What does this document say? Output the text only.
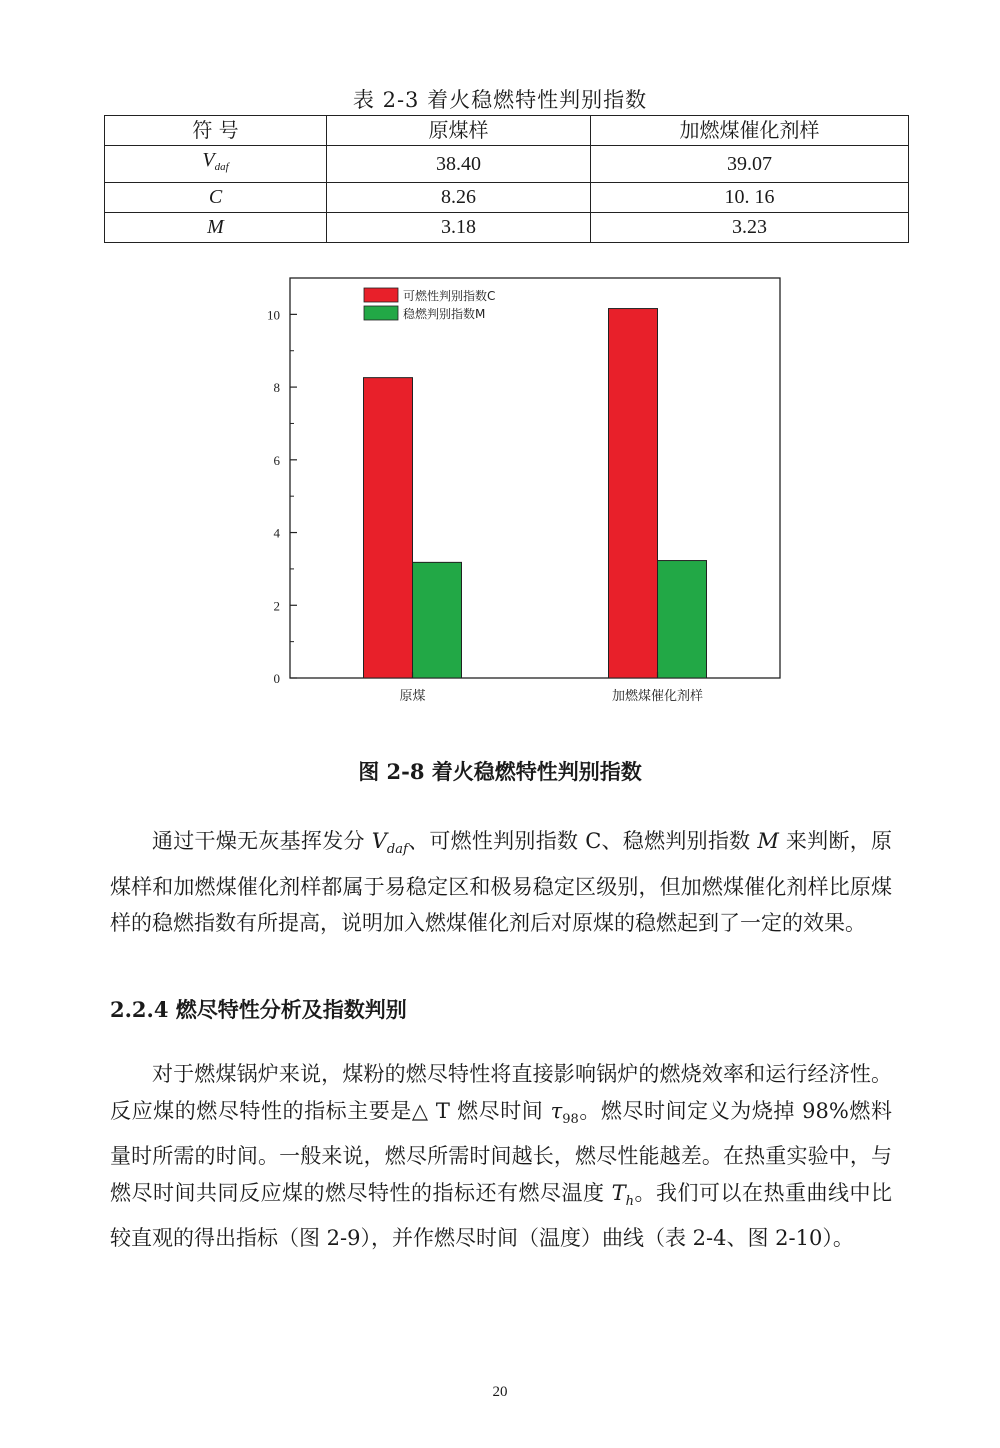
表 2-3 着火稳燃特性判别指数
符 号	原煤样	加燃煤催化剂样
$V_{daf}$	38.40	39.07
C	8.26	10. 16
M	3.18	3.23
0
2
4
6
8
10
原煤	加燃煤催化剂样
可燃性判别指数C
稳燃判别指数M
图 2-8 着火稳燃特性判别指数

通过干燥无灰基挥发分 $V_{daf}$、可燃性判别指数 C、稳燃判别指数 M 来判断，原煤样和加燃煤催化剂样都属于易稳定区和极易稳定区级别，但加燃煤催化剂样比原煤样的稳燃指数有所提高，说明加入燃煤催化剂后对原煤的稳燃起到了一定的效果。

2.2.4 燃尽特性分析及指数判别

对于燃煤锅炉来说，煤粉的燃尽特性将直接影响锅炉的燃烧效率和运行经济性。反应煤的燃尽特性的指标主要是△ T 燃尽时间 $\tau_{98}$。燃尽时间定义为烧掉 98%燃料量时所需的时间。一般来说，燃尽所需时间越长，燃尽性能越差。在热重实验中，与燃尽时间共同反应煤的燃尽特性的指标还有燃尽温度 $T_h$。我们可以在热重曲线中比较直观的得出指标（图 2-9），并作燃尽时间（温度）曲线（表 2-4、图 2-10）。

20
